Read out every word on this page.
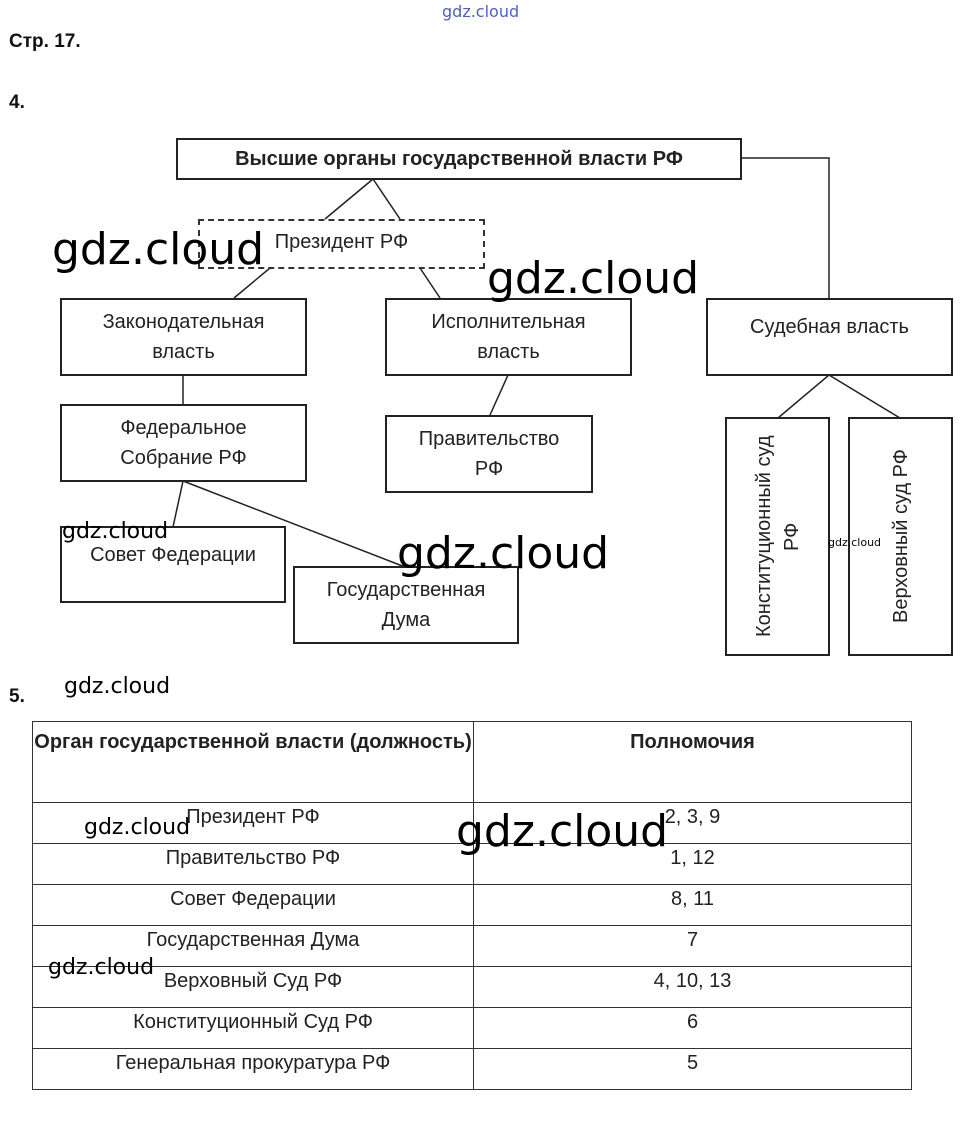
gdz.cloud
Стр. 17.
4.
Высшие органы государственной власти РФ
Президент РФ
Законодательная власть
Исполнительная власть
Судебная власть
Федеральное Собрание РФ
Правительство РФ	Конституционный суд РФ	Верховный суд РФ
Совет Федерации
Государственная Дума
5.
Орган государственной власти (должность)	Полномочия
Президент РФ	2, 3, 9
Правительство РФ	1, 12
Совет Федерации	8, 11
Государственная Дума	7
Верховный Суд РФ	4, 10, 13
Конституционный Суд РФ	6
Генеральная прокуратура РФ	5
gdz.cloud
gdz.cloud
gdz.cloud	gdz.cloud	gdz.cloud
gdz.cloud
gdz.cloud	gdz.cloud
gdz.cloud
